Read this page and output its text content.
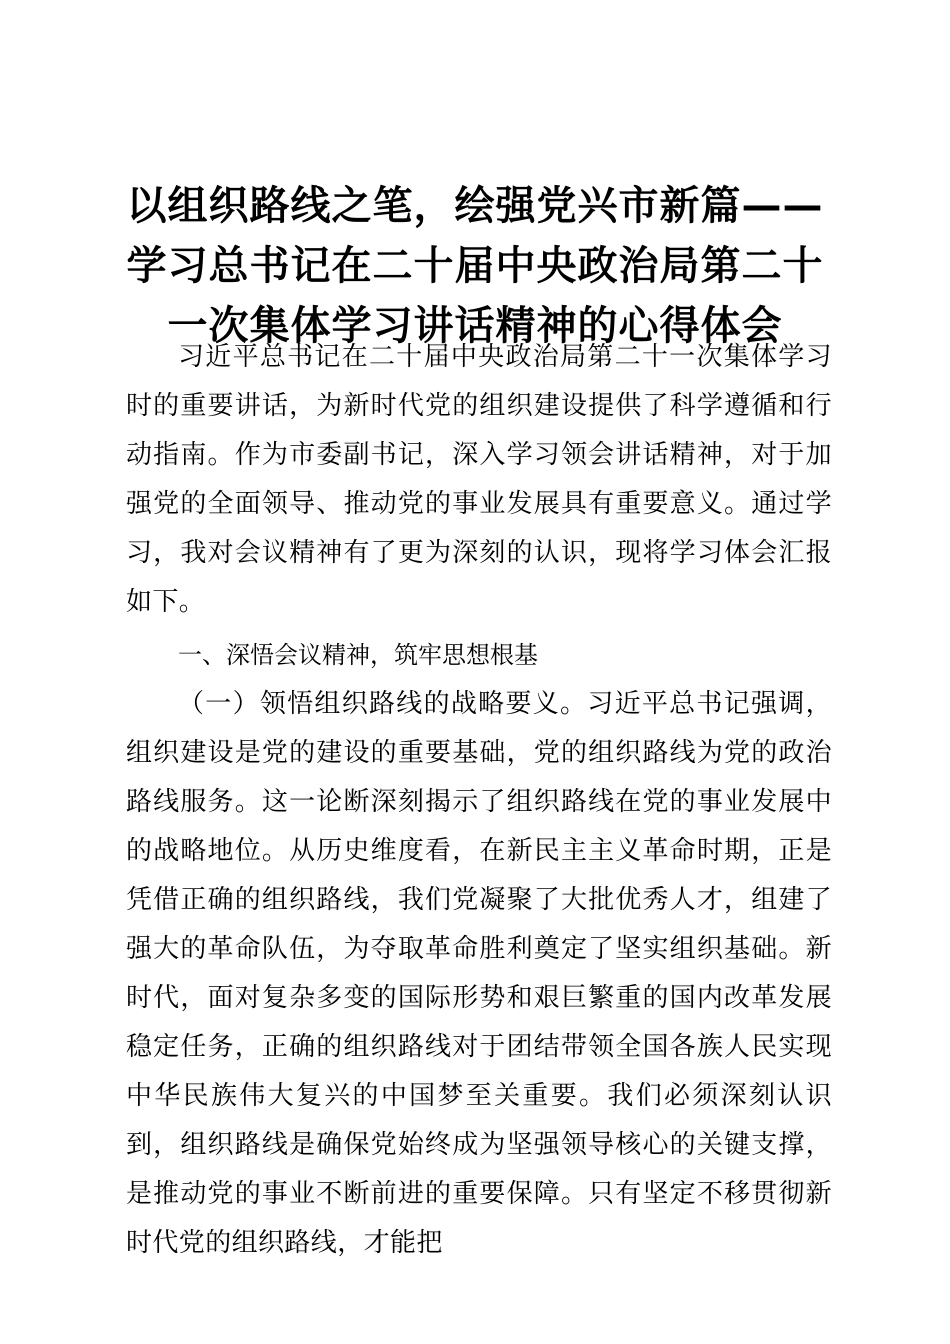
以组织路线之笔，绘强党兴市新篇——
学习总书记在二十届中央政治局第二十
一次集体学习讲话精神的心得体会

习近平总书记在二十届中央政治局第二十一次集体学习时的重要讲话，为新时代党的组织建设提供了科学遵循和行动指南。作为市委副书记，深入学习领会讲话精神，对于加强党的全面领导、推动党的事业发展具有重要意义。通过学习，我对会议精神有了更为深刻的认识，现将学习体会汇报如下。

一、深悟会议精神，筑牢思想根基

（一）领悟组织路线的战略要义。习近平总书记强调，组织建设是党的建设的重要基础，党的组织路线为党的政治路线服务。这一论断深刻揭示了组织路线在党的事业发展中的战略地位。从历史维度看，在新民主主义革命时期，正是凭借正确的组织路线，我们党凝聚了大批优秀人才，组建了强大的革命队伍，为夺取革命胜利奠定了坚实组织基础。新时代，面对复杂多变的国际形势和艰巨繁重的国内改革发展稳定任务，正确的组织路线对于团结带领全国各族人民实现中华民族伟大复兴的中国梦至关重要。我们必须深刻认识到，组织路线是确保党始终成为坚强领导核心的关键支撑，是推动党的事业不断前进的重要保障。只有坚定不移贯彻新时代党的组织路线，才能把
